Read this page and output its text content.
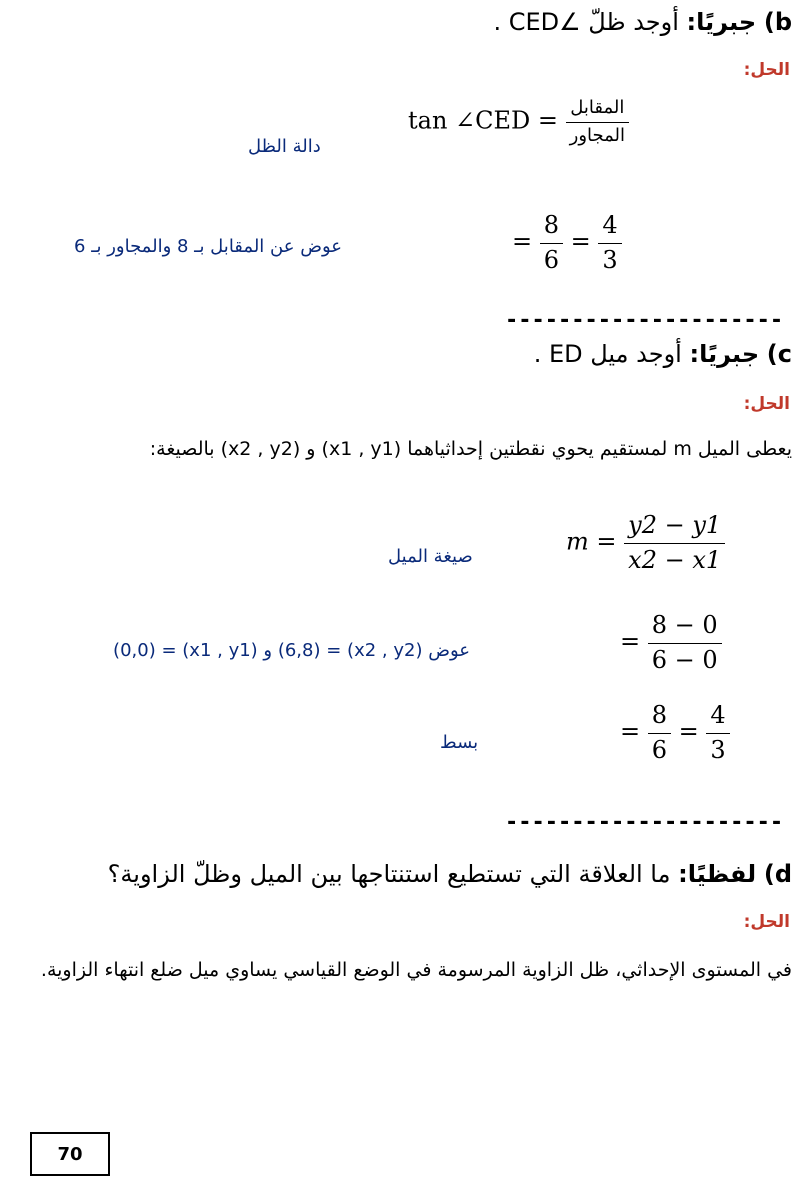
b) جبريًا: أوجد ظلّ ∠CED .
الحل:
دالة الظل
tan ∠CED = $\frac{\text{المقابل}}{\text{المجاور}}$
عوض عن المقابل بـ 8 والمجاور بـ 6	= $\frac{8}{6} = \frac{4}{3}$
---------------------
c) جبريًا: أوجد ميل ED .
الحل:
يعطى الميل m لمستقيم يحوي نقطتين إحداثياهما (x1 , y1) و (x2 , y2) بالصيغة:
صيغة الميل
$m = \frac{y2 - y1}{x2 - x1}$
عوض (x2 , y2) = (6,8) و (x1 , y1) = (0,0)	= $\frac{8 - 0}{6 - 0}$
بسط	= $\frac{8}{6} = \frac{4}{3}$
---------------------
d) لفظيًا: ما العلاقة التي تستطيع استنتاجها بين الميل وظلّ الزاوية؟
الحل:
في المستوى الإحداثي، ظل الزاوية المرسومة في الوضع القياسي يساوي ميل ضلع انتهاء الزاوية.
70
